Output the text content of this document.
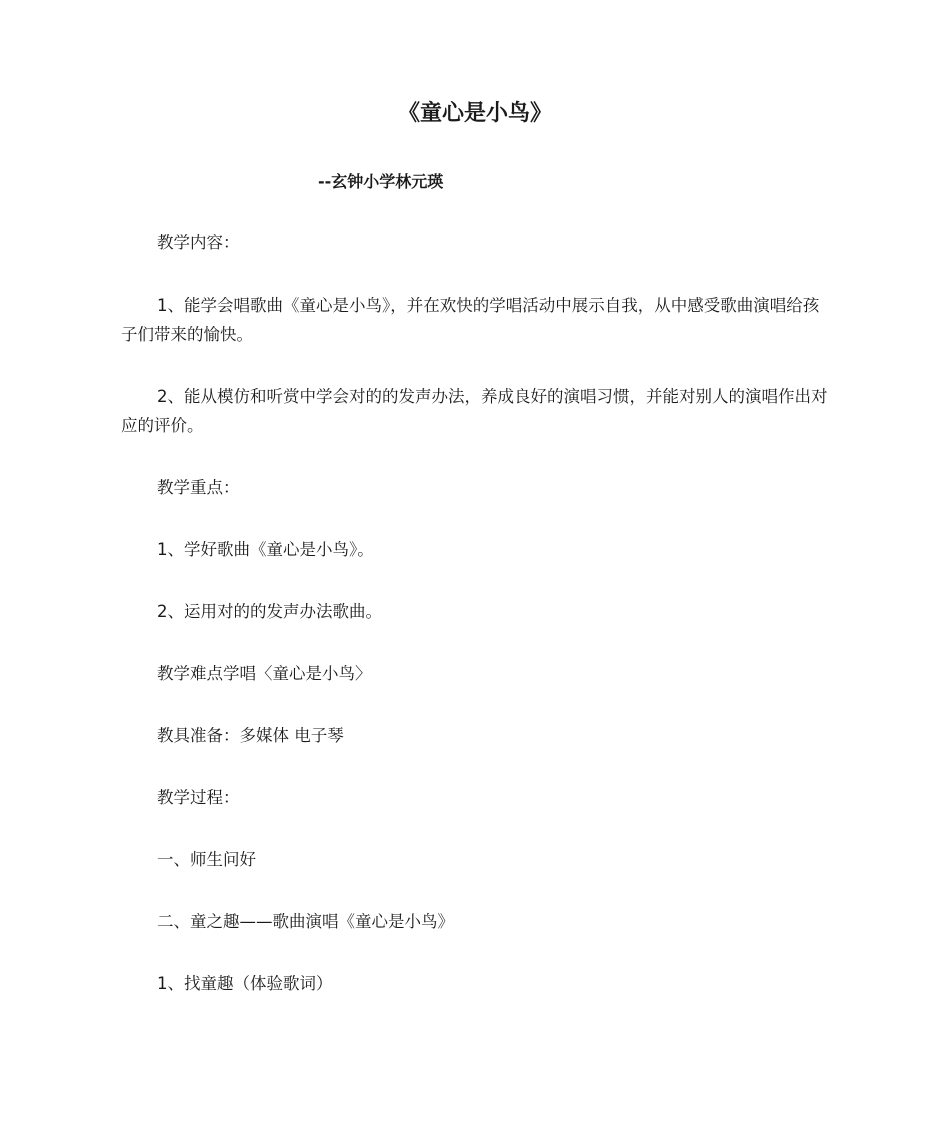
《童心是小鸟》
--玄钟小学林元瑛
教学内容：
1、能学会唱歌曲《童心是小鸟》，并在欢快的学唱活动中展示自我，从中感受歌曲演唱给孩子们带来的愉快。
2、能从模仿和听赏中学会对的的发声办法，养成良好的演唱习惯，并能对别人的演唱作出对应的评价。
教学重点：
1、学好歌曲《童心是小鸟》。
2、运用对的的发声办法歌曲。
教学难点学唱〈童心是小鸟〉
教具准备：多媒体 电子琴
教学过程：
一、师生问好
二、童之趣——歌曲演唱《童心是小鸟》
1、找童趣（体验歌词）
